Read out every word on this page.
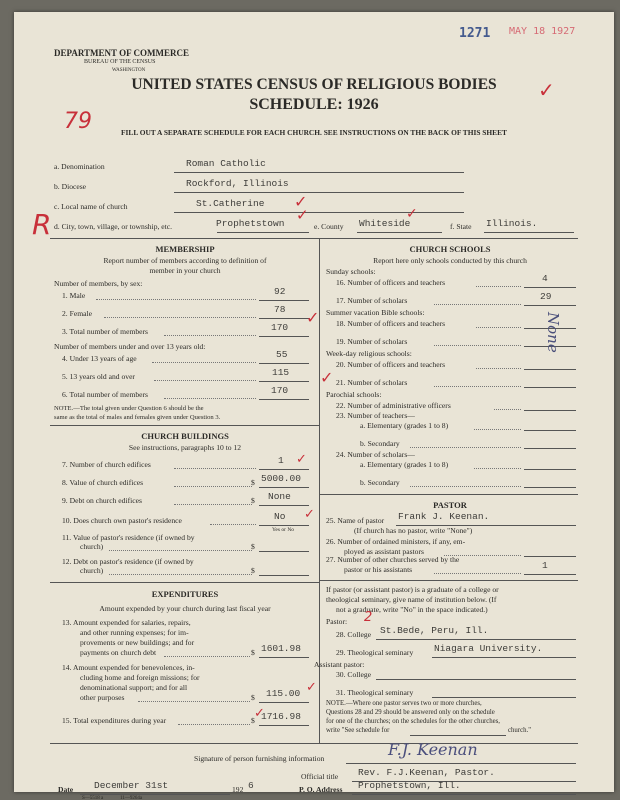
DEPARTMENT OF COMMERCE
BUREAU OF THE CENSUS
WASHINGTON
1271 MAY 18 1927
✓
UNITED STATES CENSUS OF RELIGIOUS BODIES
SCHEDULE: 1926
79	FILL OUT A SEPARATE SCHEDULE FOR EACH CHURCH. SEE INSTRUCTIONS ON THE BACK OF THIS SHEET
a. Denomination	Roman Catholic
b. Diocese	Rockford, Illinois
c. Local name of church	St.Catherine ✓
d. City, town, village, or township, etc.	Prophetstown	e. County Whiteside	f. State Illinois.
✓	✓
R
MEMBERSHIP
Report number of members according to definition of
member in your church
Number of members, by sex:
1. Male	92
2. Female	78 ✓
3. Total number of members	170
Number of members under and over 13 years old:
4. Under 13 years of age	55
5. 13 years old and over	115 ✓
6. Total number of members	170
NOTE.—The total given under Question 6 should be the
same as the total of males and females given under Question 3.
CHURCH BUILDINGS
See instructions, paragraphs 10 to 12
7. Number of church edifices	1
8. Value of church edifices	$ 5000.00
9. Debt on church edifices	$ None
10. Does church own pastor's residence	No
Yes or No
11. Value of pastor's residence (if owned by
church)	$
12. Debt on pastor's residence (if owned by
church)	$
EXPENDITURES
Amount expended by your church during last fiscal year
13. Amount expended for salaries, repairs,
and other running expenses; for im-
provements or new buildings; and for
payments on church debt	$ 1601.98
14. Amount expended for benevolences, in-
cluding home and foreign missions; for
denominational support; and for all
other purposes	$ 115.00
15. Total expenditures during year	$ 1716.98
CHURCH SCHOOLS
Report here only schools conducted by this church
Sunday schools:
16. Number of officers and teachers	4
17. Number of scholars	29
Summer vacation Bible schools:
18. Number of officers and teachers
19. Number of scholars
Week-day religious schools:
20. Number of officers and teachers
21. Number of scholars
Parochial schools:
22. Number of administrative officers
23. Number of teachers—
a. Elementary (grades 1 to 8)
b. Secondary
24. Number of scholars—
a. Elementary (grades 1 to 8)
b. Secondary
None
PASTOR
25. Name of pastor Frank J. Keenan.
(If church has no pastor, write "None")
26. Number of ordained ministers, if any, em-
ployed as assistant pastors
27. Number of other churches served by the
pastor or his assistants	1
If pastor (or assistant pastor) is a graduate of a college or
theological seminary, give name of institution below. (If
not a graduate, write "No" in the space indicated.)
Pastor: 2
28. College St.Bede, Peru, Ill.
29. Theological seminary Niagara University.
Assistant pastor:
30. College
31. Theological seminary
NOTE.—Where one pastor serves two or more churches,
Questions 28 and 29 should be answered only on the schedule
for one of the churches; on the schedules for the other churches,
write "See schedule for	church."
✓
✓
✓
✓
Signature of person furnishing information	F.J. Keenan
Official title Rev. F.J.Keenan, Pastor.
Date December 31st	192 6	P. O. Address Prophetstown, Ill.
S—5518 a	11—9264a
